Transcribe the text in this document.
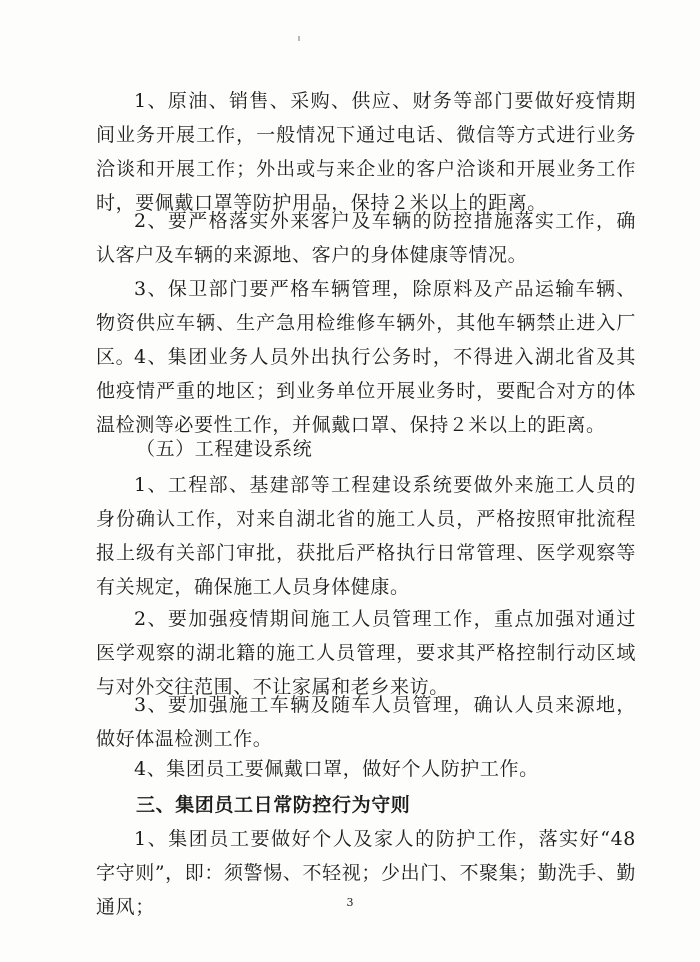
1、原油、销售、采购、供应、财务等部门要做好疫情期间业务开展工作，一般情况下通过电话、微信等方式进行业务洽谈和开展工作；外出或与来企业的客户洽谈和开展业务工作时，要佩戴口罩等防护用品，保持２米以上的距离。

2、要严格落实外来客户及车辆的防控措施落实工作，确认客户及车辆的来源地、客户的身体健康等情况。

3、保卫部门要严格车辆管理，除原料及产品运输车辆、物资供应车辆、生产急用检维修车辆外，其他车辆禁止进入厂区。

4、集团业务人员外出执行公务时，不得进入湖北省及其他疫情严重的地区；到业务单位开展业务时，要配合对方的体温检测等必要性工作，并佩戴口罩、保持２米以上的距离。

（五）工程建设系统

1、工程部、基建部等工程建设系统要做外来施工人员的身份确认工作，对来自湖北省的施工人员，严格按照审批流程报上级有关部门审批，获批后严格执行日常管理、医学观察等有关规定，确保施工人员身体健康。

2、要加强疫情期间施工人员管理工作，重点加强对通过医学观察的湖北籍的施工人员管理，要求其严格控制行动区域与对外交往范围、不让家属和老乡来访。

3、要加强施工车辆及随车人员管理，确认人员来源地，做好体温检测工作。

4、集团员工要佩戴口罩，做好个人防护工作。

三、集团员工日常防控行为守则

1、集团员工要做好个人及家人的防护工作，落实好“48 字守则”，即：须警惕、不轻视；少出门、不聚集；勤洗手、勤通风；	3
